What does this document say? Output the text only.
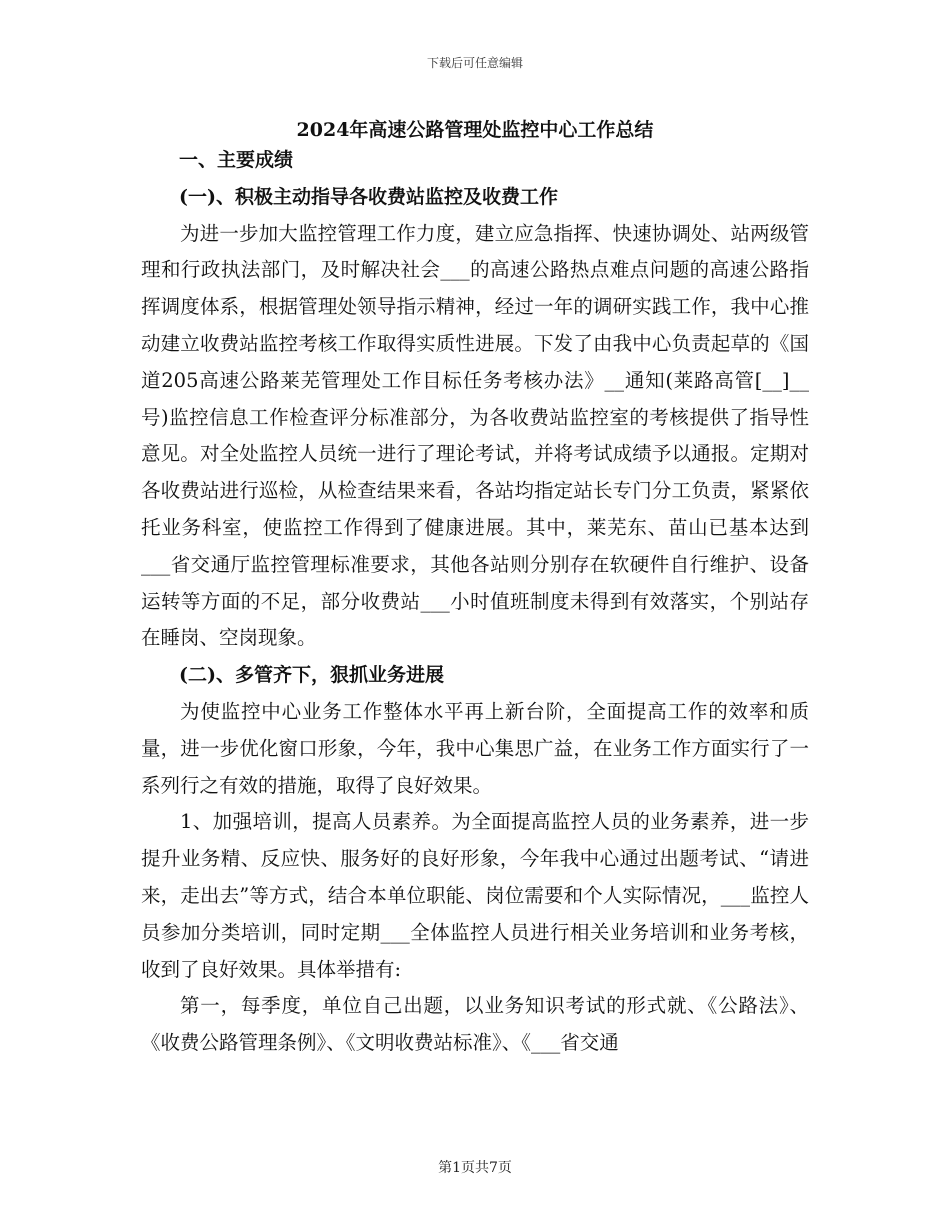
下载后可任意编辑
2024年高速公路管理处监控中心工作总结

一、主要成绩

(一)、积极主动指导各收费站监控及收费工作

为进一步加大监控管理工作力度，建立应急指挥、快速协调处、站两级管理和行政执法部门，及时解决社会___的高速公路热点难点问题的高速公路指挥调度体系，根据管理处领导指示精神，经过一年的调研实践工作，我中心推动建立收费站监控考核工作取得实质性进展。下发了由我中心负责起草的《国道205高速公路莱芜管理处工作目标任务考核办法》__通知(莱路高管[__]__号)监控信息工作检查评分标准部分，为各收费站监控室的考核提供了指导性意见。对全处监控人员统一进行了理论考试，并将考试成绩予以通报。定期对各收费站进行巡检，从检查结果来看，各站均指定站长专门分工负责，紧紧依托业务科室，使监控工作得到了健康进展。其中，莱芜东、苗山已基本达到___省交通厅监控管理标准要求，其他各站则分别存在软硬件自行维护、设备运转等方面的不足，部分收费站___小时值班制度未得到有效落实，个别站存在睡岗、空岗现象。

(二)、多管齐下，狠抓业务进展

为使监控中心业务工作整体水平再上新台阶，全面提高工作的效率和质量，进一步优化窗口形象，今年，我中心集思广益，在业务工作方面实行了一系列行之有效的措施，取得了良好效果。

1、加强培训，提高人员素养。为全面提高监控人员的业务素养，进一步提升业务精、反应快、服务好的良好形象，今年我中心通过出题考试、“请进来，走出去”等方式，结合本单位职能、岗位需要和个人实际情况，___监控人员参加分类培训，同时定期___全体监控人员进行相关业务培训和业务考核，收到了良好效果。具体举措有:

第一，每季度，单位自己出题，以业务知识考试的形式就、《公路法》、《收费公路管理条例》、《文明收费站标准》、《___省交通

第1页共7页
